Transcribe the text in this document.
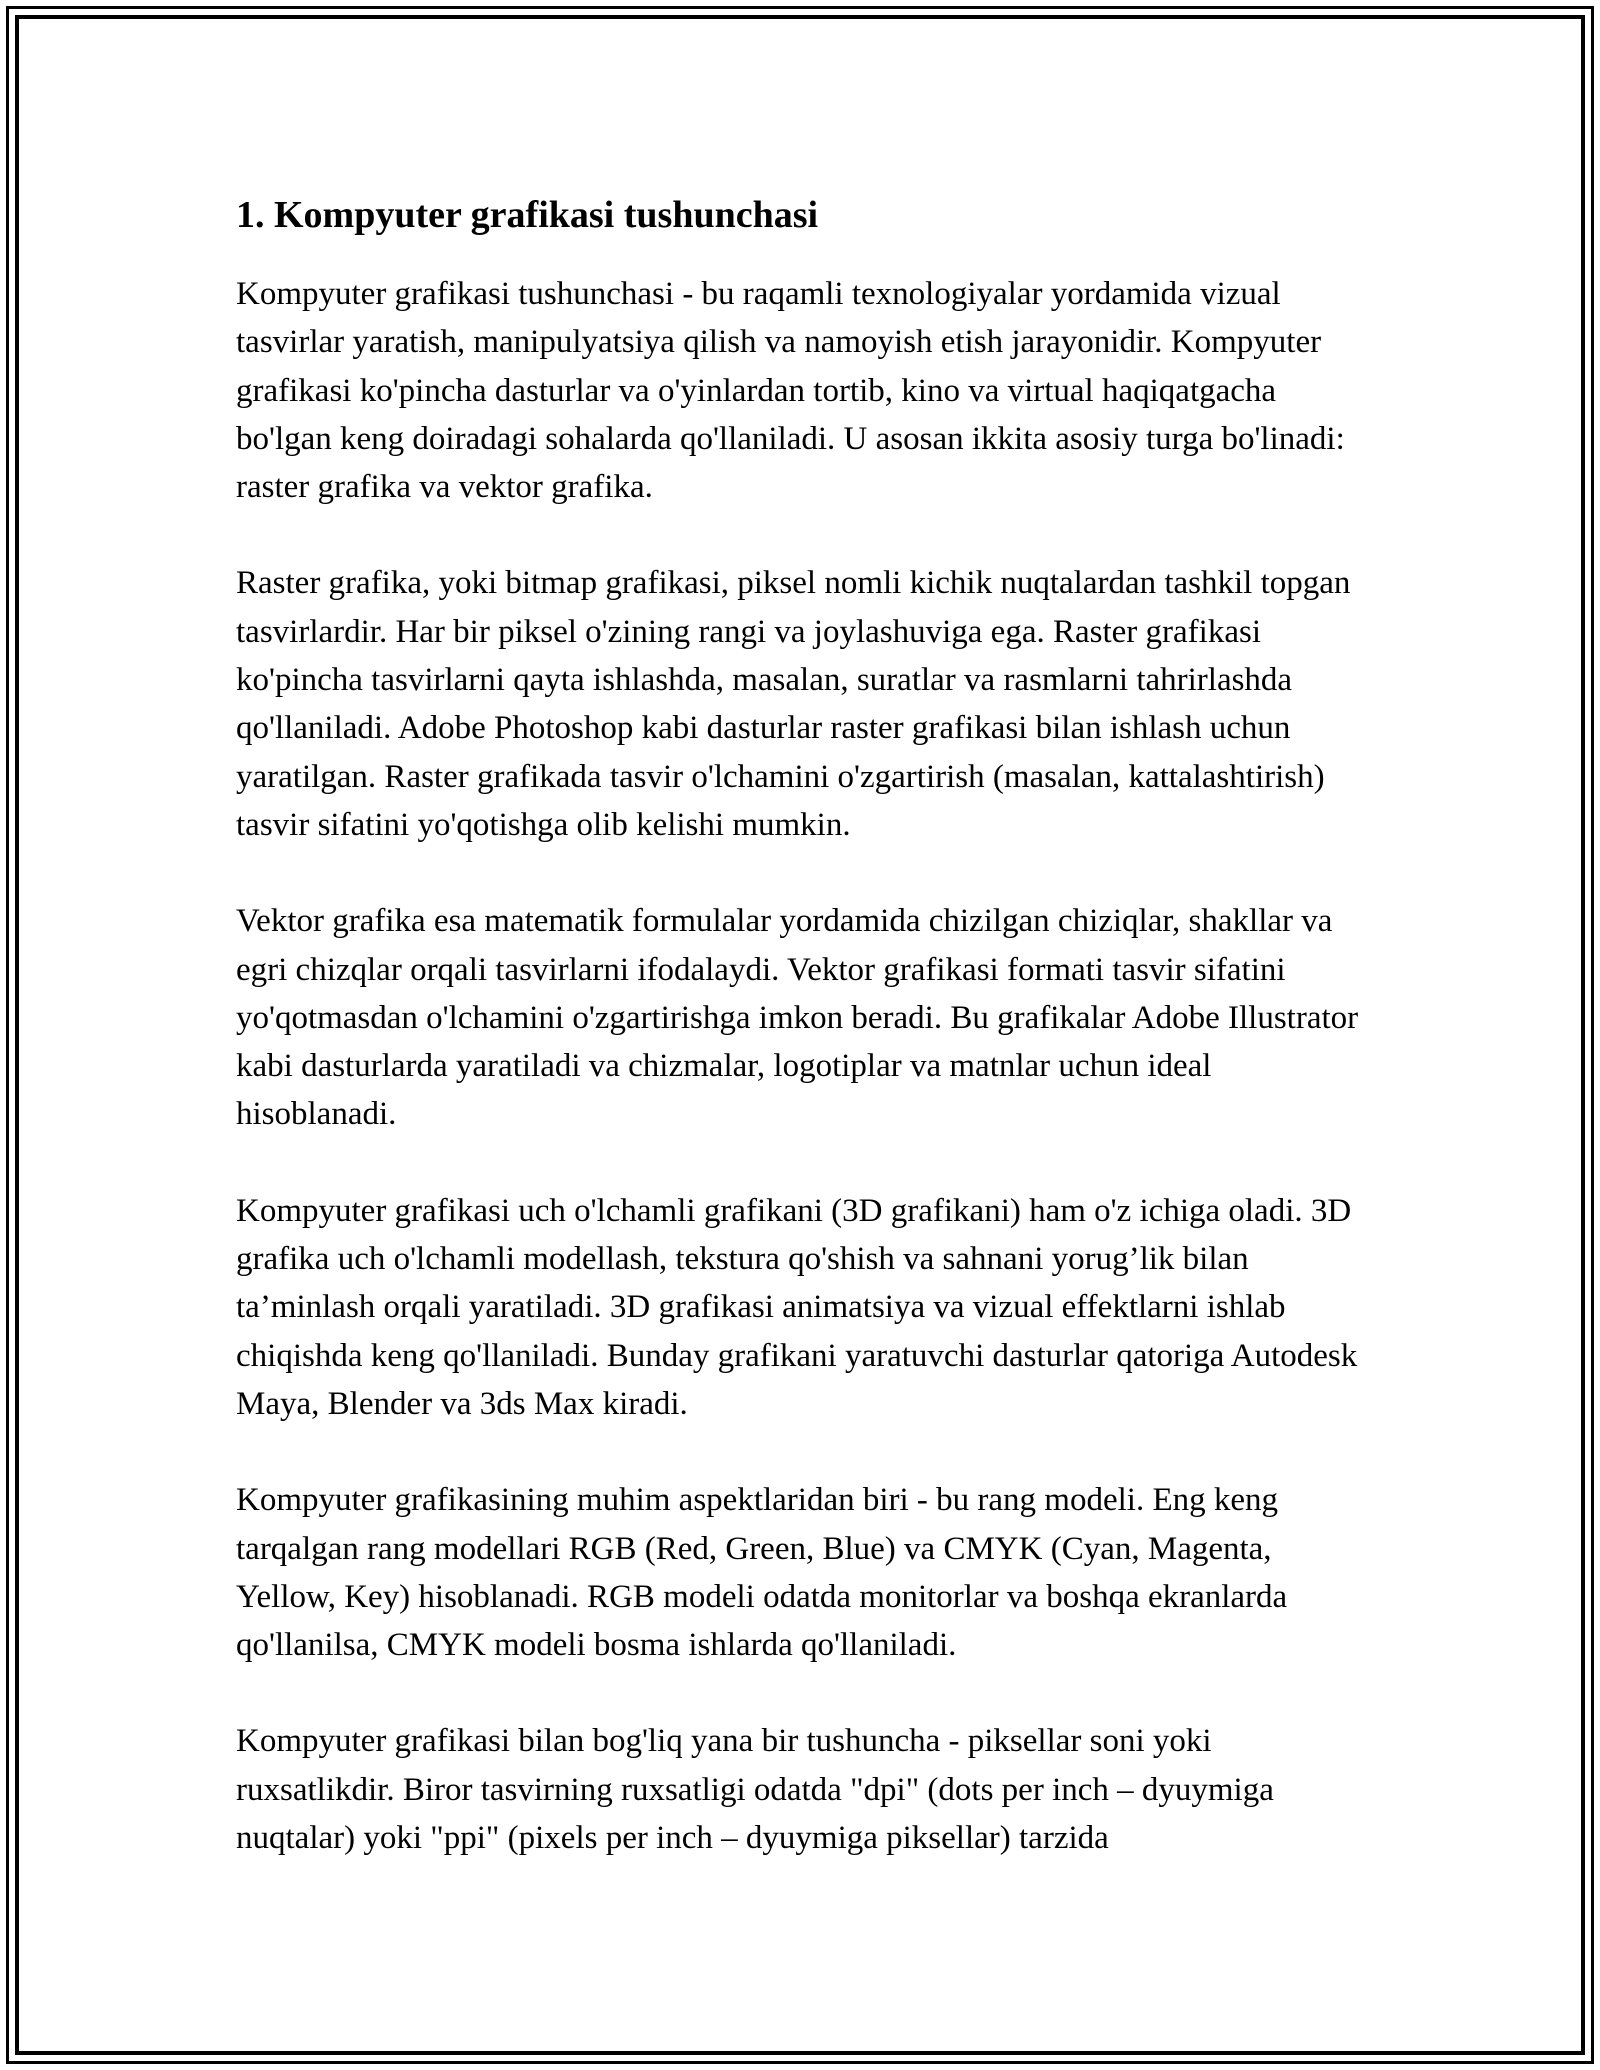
1. Kompyuter grafikasi tushunchasi

Kompyuter grafikasi tushunchasi - bu raqamli texnologiyalar yordamida vizual tasvirlar yaratish, manipulyatsiya qilish va namoyish etish jarayonidir. Kompyuter grafikasi ko'pincha dasturlar va o'yinlardan tortib, kino va virtual haqiqatgacha bo'lgan keng doiradagi sohalarda qo'llaniladi. U asosan ikkita asosiy turga bo'linadi: raster grafika va vektor grafika.

Raster grafika, yoki bitmap grafikasi, piksel nomli kichik nuqtalardan tashkil topgan tasvirlardir. Har bir piksel o'zining rangi va joylashuviga ega. Raster grafikasi ko'pincha tasvirlarni qayta ishlashda, masalan, suratlar va rasmlarni tahrirlashda qo'llaniladi. Adobe Photoshop kabi dasturlar raster grafikasi bilan ishlash uchun yaratilgan. Raster grafikada tasvir o'lchamini o'zgartirish (masalan, kattalashtirish) tasvir sifatini yo'qotishga olib kelishi mumkin.

Vektor grafika esa matematik formulalar yordamida chizilgan chiziqlar, shakllar va egri chizqlar orqali tasvirlarni ifodalaydi. Vektor grafikasi formati tasvir sifatini yo'qotmasdan o'lchamini o'zgartirishga imkon beradi. Bu grafikalar Adobe Illustrator kabi dasturlarda yaratiladi va chizmalar, logotiplar va matnlar uchun ideal hisoblanadi.

Kompyuter grafikasi uch o'lchamli grafikani (3D grafikani) ham o'z ichiga oladi. 3D grafika uch o'lchamli modellash, tekstura qo'shish va sahnani yorug’lik bilan ta’minlash orqali yaratiladi. 3D grafikasi animatsiya va vizual effektlarni ishlab chiqishda keng qo'llaniladi. Bunday grafikani yaratuvchi dasturlar qatoriga Autodesk Maya, Blender va 3ds Max kiradi.

Kompyuter grafikasining muhim aspektlaridan biri - bu rang modeli. Eng keng tarqalgan rang modellari RGB (Red, Green, Blue) va CMYK (Cyan, Magenta, Yellow, Key) hisoblanadi. RGB modeli odatda monitorlar va boshqa ekranlarda qo'llanilsa, CMYK modeli bosma ishlarda qo'llaniladi.

Kompyuter grafikasi bilan bog'liq yana bir tushuncha - piksellar soni yoki ruxsatlikdir. Biror tasvirning ruxsatligi odatda "dpi" (dots per inch – dyuymiga nuqtalar) yoki "ppi" (pixels per inch – dyuymiga piksellar) tarzida
